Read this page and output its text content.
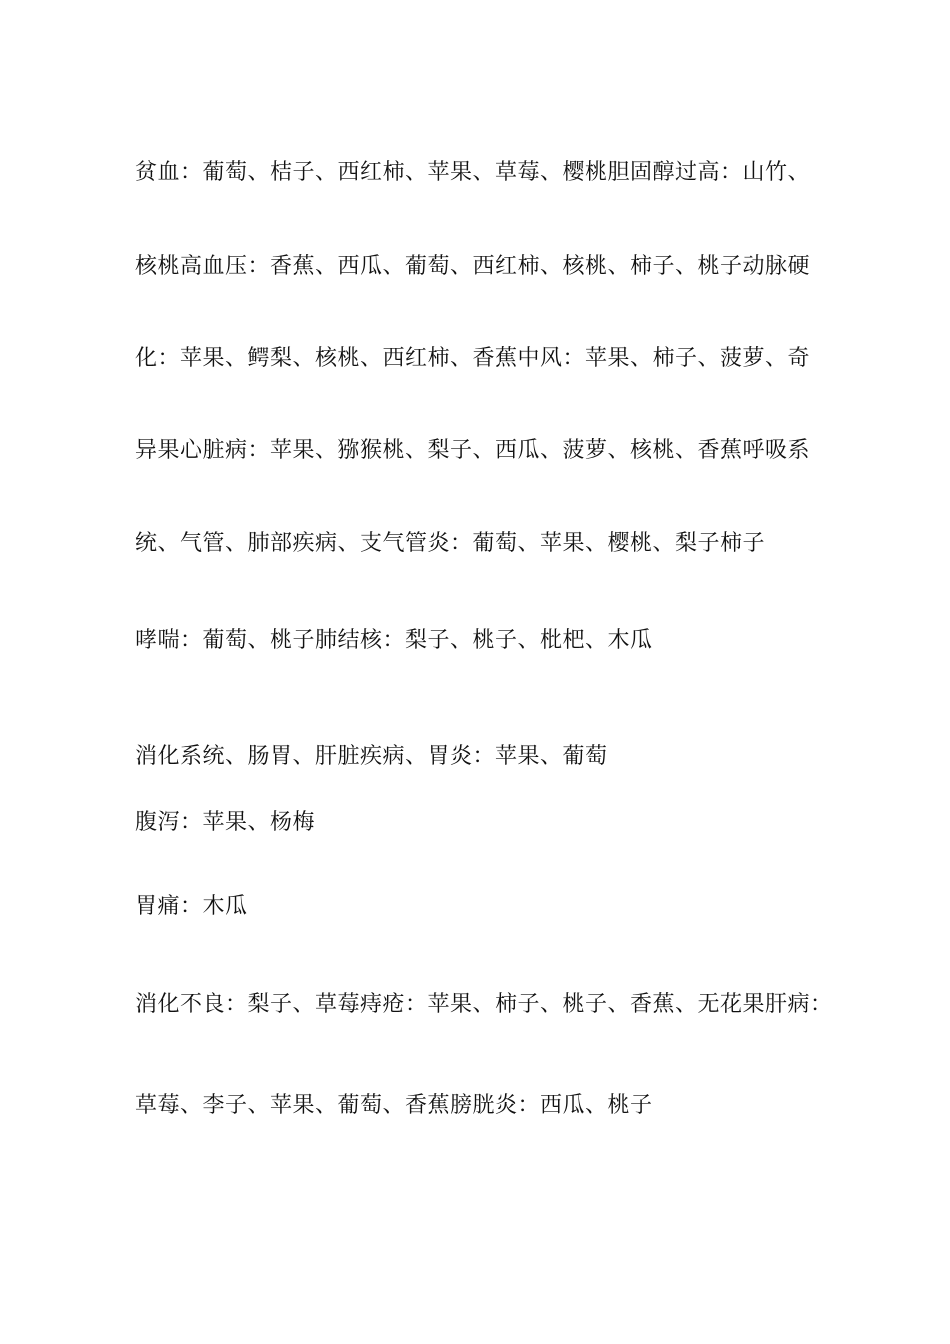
贫血：葡萄、桔子、西红柿、苹果、草莓、樱桃胆固醇过高：山竹、
核桃高血压：香蕉、西瓜、葡萄、西红柿、核桃、柿子、桃子动脉硬
化：苹果、鳄梨、核桃、西红柿、香蕉中风：苹果、柿子、菠萝、奇
异果心脏病：苹果、猕猴桃、梨子、西瓜、菠萝、核桃、香蕉呼吸系
统、气管、肺部疾病、支气管炎：葡萄、苹果、樱桃、梨子柿子
哮喘：葡萄、桃子肺结核：梨子、桃子、枇杷、木瓜
消化系统、肠胃、肝脏疾病、胃炎：苹果、葡萄
腹泻：苹果、杨梅
胃痛：木瓜
消化不良：梨子、草莓痔疮：苹果、柿子、桃子、香蕉、无花果肝病：
草莓、李子、苹果、葡萄、香蕉膀胱炎：西瓜、桃子
